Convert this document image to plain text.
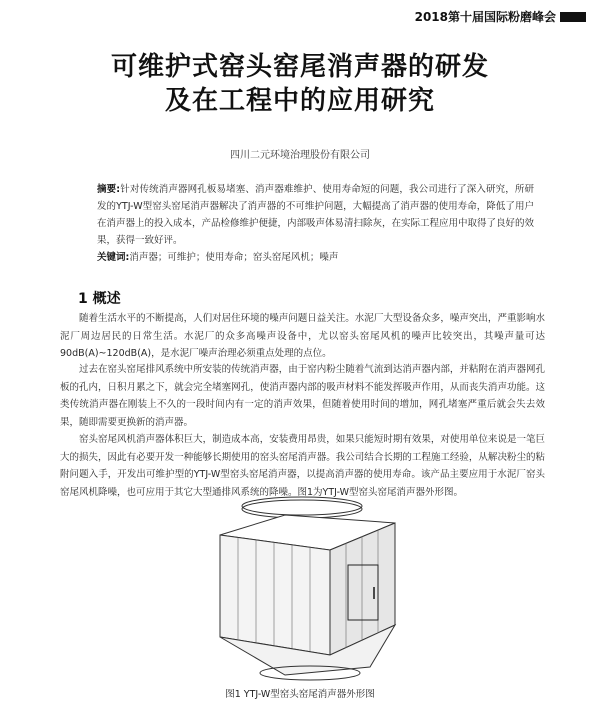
2018第十届国际粉磨峰会
可维护式窑头窑尾消声器的研发
及在工程中的应用研究
四川二元环境治理股份有限公司
摘要:针对传统消声器网孔板易堵塞、消声器难维护、使用寿命短的问题，我公司进行了深入研究，所研发的YTJ-W型窑头窑尾消声器解决了消声器的不可维护问题，大幅提高了消声器的使用寿命，降低了用户在消声器上的投入成本，产品检修维护便捷，内部吸声体易清扫除灰，在实际工程应用中取得了良好的效果，获得一致好评。
关键词:消声器；可维护；使用寿命；窑头窑尾风机；噪声
1 概述
随着生活水平的不断提高，人们对居住环境的噪声问题日益关注。水泥厂大型设备众多，噪声突出，严重影响水泥厂周边居民的日常生活。水泥厂的众多高噪声设备中，尤以窑头窑尾风机的噪声比较突出，其噪声量可达90dB(A)~120dB(A)，是水泥厂噪声治理必须重点处理的点位。
过去在窑头窑尾排风系统中所安装的传统消声器，由于窑内粉尘随着气流到达消声器内部，并粘附在消声器网孔板的孔内，日积月累之下，就会完全堵塞网孔，使消声器内部的吸声材料不能发挥吸声作用，从而丧失消声功能。这类传统消声器在刚装上不久的一段时间内有一定的消声效果，但随着使用时间的增加，网孔堵塞严重后就会失去效果，随即需要更换新的消声器。
窑头窑尾风机消声器体积巨大，制造成本高，安装费用昂贵，如果只能短时期有效果，对使用单位来说是一笔巨大的损失，因此有必要开发一种能够长期使用的窑头窑尾消声器。我公司结合长期的工程施工经验，从解决粉尘的粘附问题入手，开发出可维护型的YTJ-W型窑头窑尾消声器，以提高消声器的使用寿命。该产品主要应用于水泥厂窑头窑尾风机降噪，也可应用于其它大型通排风系统的降噪。图1为YTJ-W型窑头窑尾消声器外形图。
图1 YTJ-W型窑头窑尾消声器外形图
